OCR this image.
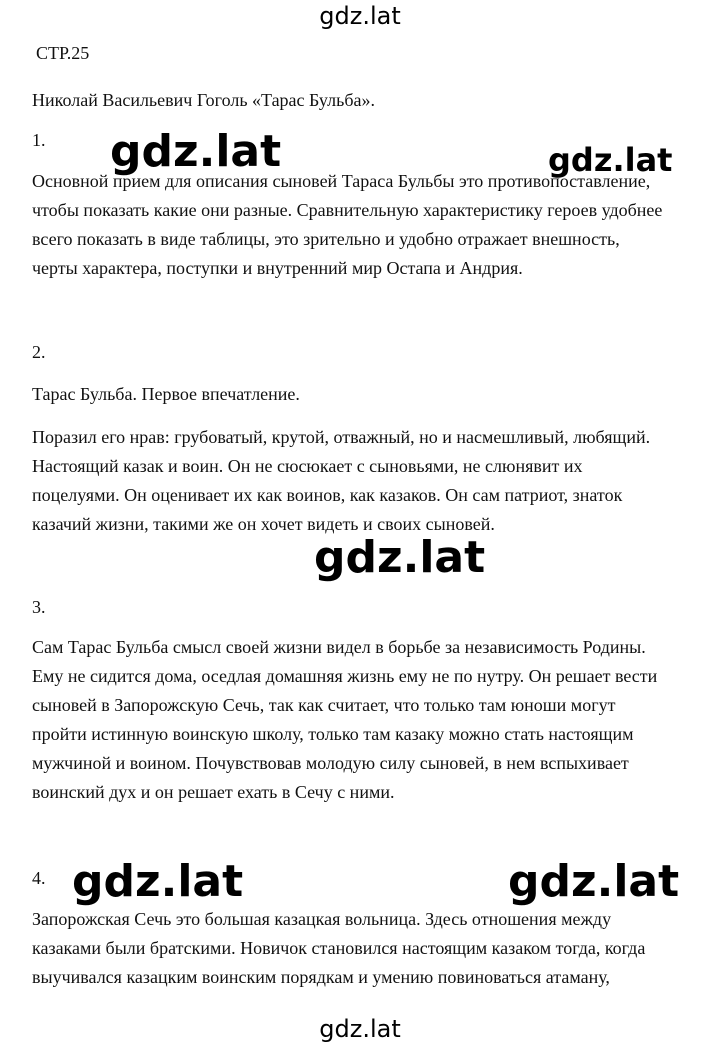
gdz.lat
СТР.25
Николай Васильевич Гоголь «Тарас Бульба».
1.
Основной прием для описания сыновей Тараса Бульбы это противопоставление,
чтобы показать какие они разные. Сравнительную характеристику героев удобнее
всего показать в виде таблицы, это зрительно и удобно отражает внешность,
черты характера, поступки и внутренний мир Остапа и Андрия.
2.
Тарас Бульба. Первое впечатление.
Поразил его нрав: грубоватый, крутой, отважный, но и насмешливый, любящий.
Настоящий казак и воин. Он не сюсюкает с сыновьями, не слюнявит их
поцелуями. Он оценивает их как воинов, как казаков. Он сам патриот, знаток
казачий жизни, такими же он хочет видеть и своих сыновей.
3.
Сам Тарас Бульба смысл своей жизни видел в борьбе за независимость Родины.
Ему не сидится дома, оседлая домашняя жизнь ему не по нутру. Он решает вести
сыновей в Запорожскую Сечь, так как считает, что только там юноши могут
пройти истинную воинскую школу, только там казаку можно стать настоящим
мужчиной и воином. Почувствовав молодую силу сыновей, в нем вспыхивает
воинский дух и он решает ехать в Сечу с ними.
4.
Запорожская Сечь это большая казацкая вольница. Здесь отношения между
казаками были братскими. Новичок становился настоящим казаком тогда, когда
выучивался казацким воинским порядкам и умению повиноваться атаману,
gdz.lat	gdz.lat
gdz.lat
gdz.lat	gdz.lat
gdz.lat
